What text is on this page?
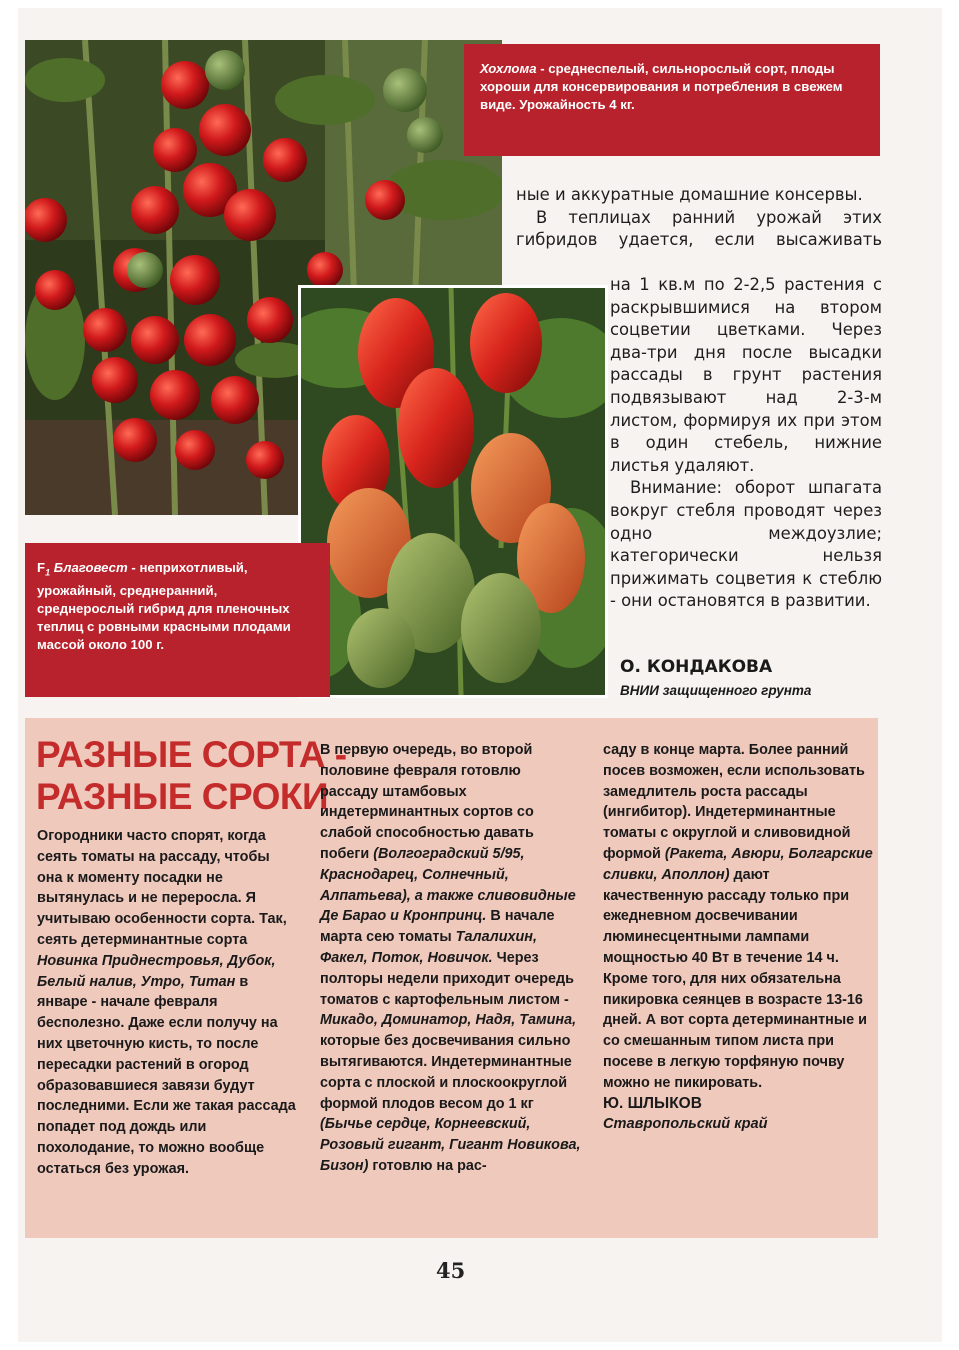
Хохлома - среднеспелый, сильнорослый сорт, плоды хороши для консервирования и потребления в свежем виде. Урожайность 4 кг.
$F_1$ Благовест - неприхотливый, урожайный, среднеранний, среднерослый гибрид для пленочных теплиц с ровными красными плодами массой около 100 г.

ные и аккуратные домашние консервы.

В теплицах ранний урожай этих гибридов удается, если высаживать

на 1 кв.м по 2-2,5 растения с раскрывшимися на втором соцветии цветками. Через два-три дня после высадки рассады в грунт растения подвязывают над 2-3-м листом, формируя их при этом в один стебель, нижние листья удаляют.

Внимание: оборот шпагата вокруг стебля проводят через одно междоузлие; категорически нельзя прижимать соцветия к стеблю - они остановятся в развитии.

О. КОНДАКОВА
ВНИИ защищенного грунта
РАЗНЫЕ СОРТА -
РАЗНЫЕ СРОКИ
Огородники часто спорят, когда сеять томаты на рассаду, чтобы она к моменту посадки не вытянулась и не переросла. Я учитываю особенности сорта. Так, сеять детерминантные сорта Новинка Приднестровья, Дубок, Белый налив, Утро, Титан в январе - начале февраля бесполезно. Даже если получу на них цветочную кисть, то после пересадки растений в огород образовавшиеся завязи будут последними. Если же такая рассада попадет под дождь или похолодание, то можно вообще остаться без урожая.
В первую очередь, во второй половине февраля готовлю рассаду штамбовых индетерминантных сортов со слабой способностью давать побеги (Волгоградский 5/95, Краснодарец, Солнечный, Алпатьева), а также сливовидные Де Барао и Кронпринц. В начале марта сею томаты Талалихин, Факел, Поток, Новичок. Через полторы недели приходит очередь томатов с картофельным листом - Микадо, Доминатор, Надя, Тамина, которые без досвечивания сильно вытягиваются. Индетерминантные сорта с плоской и плоскоокруглой формой плодов весом до 1 кг (Бычье сердце, Корнеевский, Розовый гигант, Гигант Новикова, Бизон) готовлю на рас-
саду в конце марта. Более ранний посев возможен, если использовать замедлитель роста рассады (ингибитор). Индетерминантные томаты с округлой и сливовидной формой (Ракета, Авюри, Болгарские сливки, Аполлон) дают качественную рассаду только при ежедневном досвечивании люминесцентными лампами мощностью 40 Вт в течение 14 ч. Кроме того, для них обязательна пикировка сеянцев в возрасте 13-16 дней. А вот сорта детерминантные и со смешанным типом листа при посеве в легкую торфяную почву можно не пикировать.
Ю. ШЛЫКОВ
Ставропольский край
45
